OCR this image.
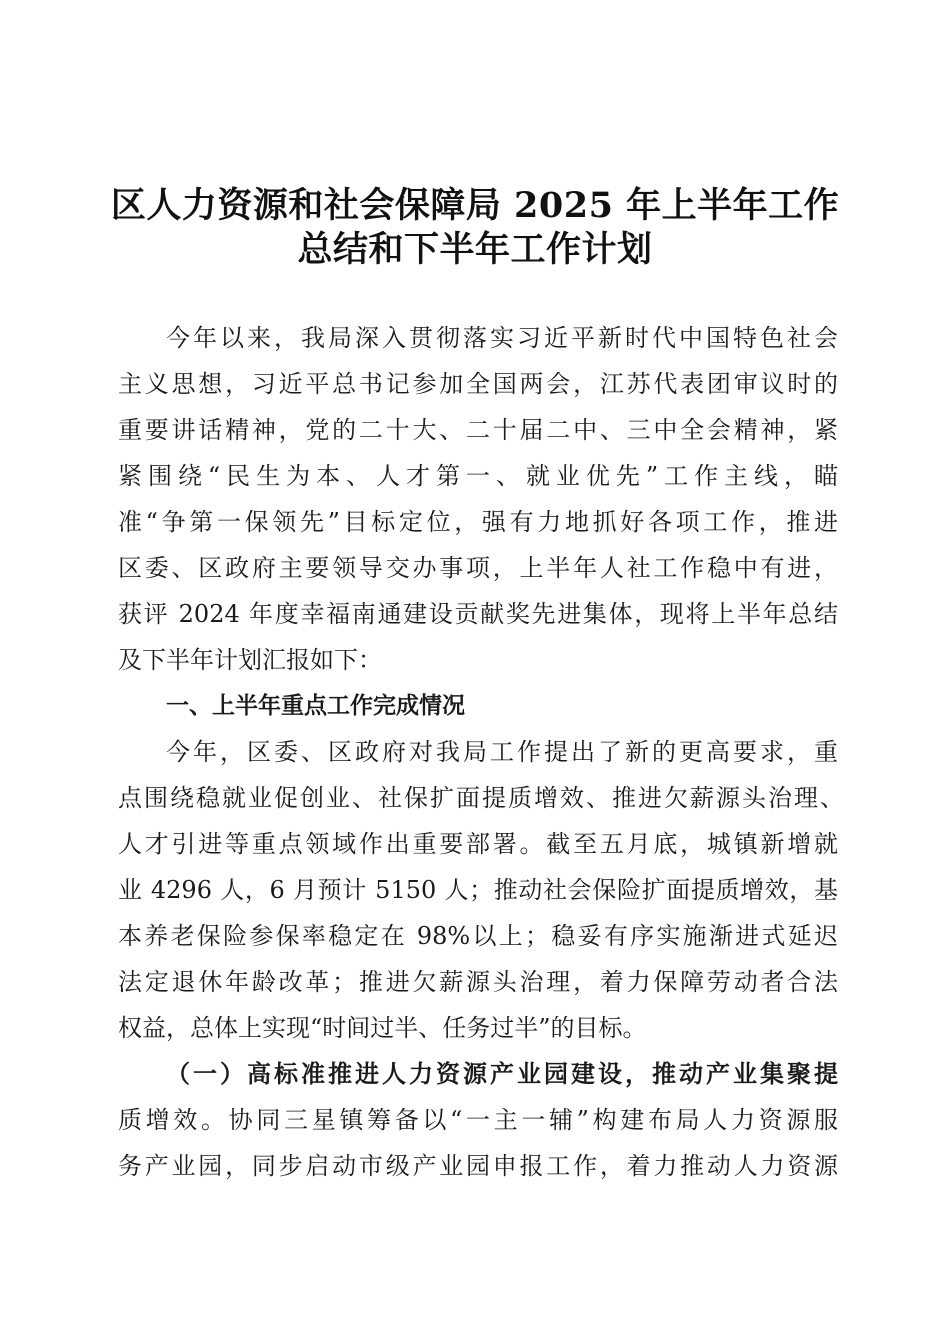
区人力资源和社会保障局 2025 年上半年工作
总结和下半年工作计划
今年以来，我局深入贯彻落实习近平新时代中国特色社会
主义思想，习近平总书记参加全国两会，江苏代表团审议时的
重要讲话精神，党的二十大、二十届二中、三中全会精神，紧
紧围绕“民生为本、人才第一、就业优先”工作主线，瞄
准“争第一保领先”目标定位，强有力地抓好各项工作，推进
区委、区政府主要领导交办事项，上半年人社工作稳中有进，
获评 2024 年度幸福南通建设贡献奖先进集体，现将上半年总结
及下半年计划汇报如下：
一、上半年重点工作完成情况
今年，区委、区政府对我局工作提出了新的更高要求，重
点围绕稳就业促创业、社保扩面提质增效、推进欠薪源头治理、
人才引进等重点领域作出重要部署。截至五月底，城镇新增就
业 4296 人，6 月预计 5150 人；推动社会保险扩面提质增效，基
本养老保险参保率稳定在 98%以上；稳妥有序实施渐进式延迟
法定退休年龄改革；推进欠薪源头治理，着力保障劳动者合法
权益，总体上实现“时间过半、任务过半”的目标。
（一）高标准推进人力资源产业园建设，推动产业集聚提
质增效。协同三星镇筹备以“一主一辅”构建布局人力资源服
务产业园，同步启动市级产业园申报工作，着力推动人力资源
